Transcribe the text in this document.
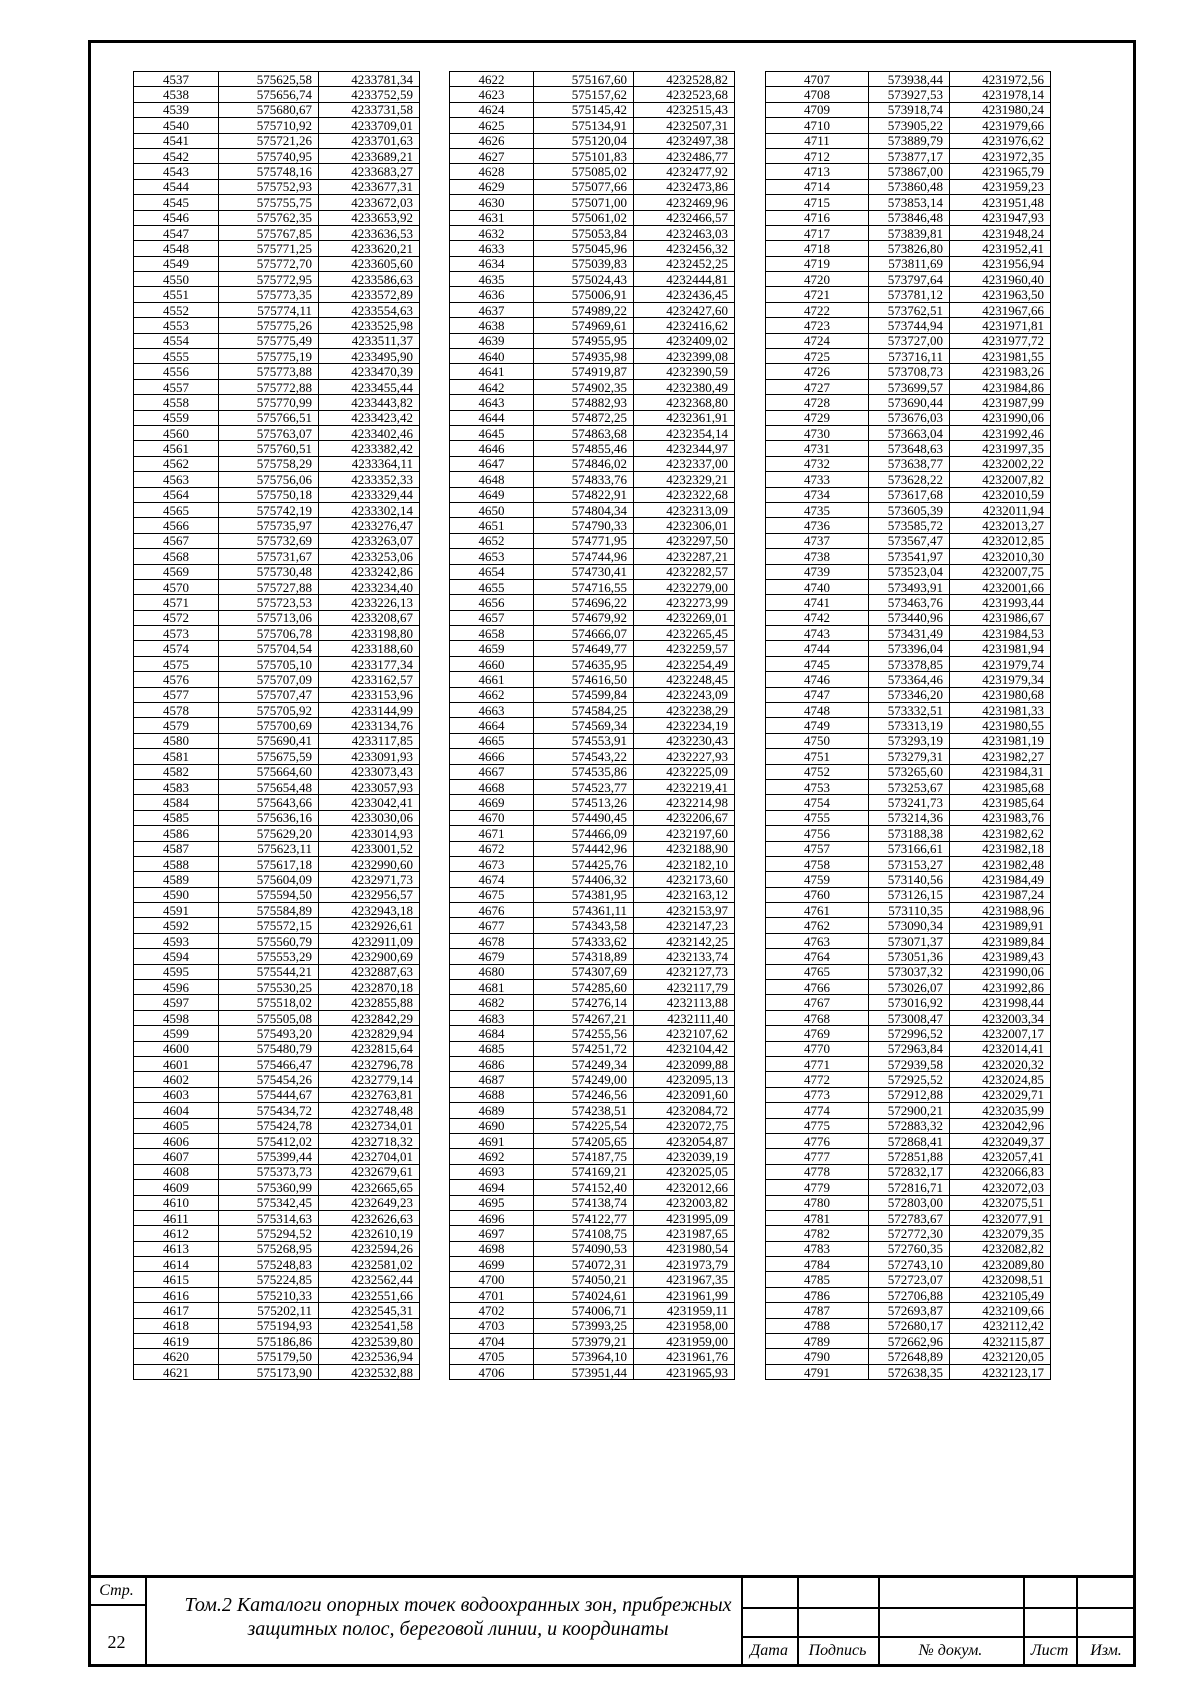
4537	575625,58	4233781,34
4538	575656,74	4233752,59
4539	575680,67	4233731,58
4540	575710,92	4233709,01
4541	575721,26	4233701,63
4542	575740,95	4233689,21
4543	575748,16	4233683,27
4544	575752,93	4233677,31
4545	575755,75	4233672,03
4546	575762,35	4233653,92
4547	575767,85	4233636,53
4548	575771,25	4233620,21
4549	575772,70	4233605,60
4550	575772,95	4233586,63
4551	575773,35	4233572,89
4552	575774,11	4233554,63
4553	575775,26	4233525,98
4554	575775,49	4233511,37
4555	575775,19	4233495,90
4556	575773,88	4233470,39
4557	575772,88	4233455,44
4558	575770,99	4233443,82
4559	575766,51	4233423,42
4560	575763,07	4233402,46
4561	575760,51	4233382,42
4562	575758,29	4233364,11
4563	575756,06	4233352,33
4564	575750,18	4233329,44
4565	575742,19	4233302,14
4566	575735,97	4233276,47
4567	575732,69	4233263,07
4568	575731,67	4233253,06
4569	575730,48	4233242,86
4570	575727,88	4233234,40
4571	575723,53	4233226,13
4572	575713,06	4233208,67
4573	575706,78	4233198,80
4574	575704,54	4233188,60
4575	575705,10	4233177,34
4576	575707,09	4233162,57
4577	575707,47	4233153,96
4578	575705,92	4233144,99
4579	575700,69	4233134,76
4580	575690,41	4233117,85
4581	575675,59	4233091,93
4582	575664,60	4233073,43
4583	575654,48	4233057,93
4584	575643,66	4233042,41
4585	575636,16	4233030,06
4586	575629,20	4233014,93
4587	575623,11	4233001,52
4588	575617,18	4232990,60
4589	575604,09	4232971,73
4590	575594,50	4232956,57
4591	575584,89	4232943,18
4592	575572,15	4232926,61
4593	575560,79	4232911,09
4594	575553,29	4232900,69
4595	575544,21	4232887,63
4596	575530,25	4232870,18
4597	575518,02	4232855,88
4598	575505,08	4232842,29
4599	575493,20	4232829,94
4600	575480,79	4232815,64
4601	575466,47	4232796,78
4602	575454,26	4232779,14
4603	575444,67	4232763,81
4604	575434,72	4232748,48
4605	575424,78	4232734,01
4606	575412,02	4232718,32
4607	575399,44	4232704,01
4608	575373,73	4232679,61
4609	575360,99	4232665,65
4610	575342,45	4232649,23
4611	575314,63	4232626,63
4612	575294,52	4232610,19
4613	575268,95	4232594,26
4614	575248,83	4232581,02
4615	575224,85	4232562,44
4616	575210,33	4232551,66
4617	575202,11	4232545,31
4618	575194,93	4232541,58
4619	575186,86	4232539,80
4620	575179,50	4232536,94
4621	575173,90	4232532,88
4622	575167,60	4232528,82
4623	575157,62	4232523,68
4624	575145,42	4232515,43
4625	575134,91	4232507,31
4626	575120,04	4232497,38
4627	575101,83	4232486,77
4628	575085,02	4232477,92
4629	575077,66	4232473,86
4630	575071,00	4232469,96
4631	575061,02	4232466,57
4632	575053,84	4232463,03
4633	575045,96	4232456,32
4634	575039,83	4232452,25
4635	575024,43	4232444,81
4636	575006,91	4232436,45
4637	574989,22	4232427,60
4638	574969,61	4232416,62
4639	574955,95	4232409,02
4640	574935,98	4232399,08
4641	574919,87	4232390,59
4642	574902,35	4232380,49
4643	574882,93	4232368,80
4644	574872,25	4232361,91
4645	574863,68	4232354,14
4646	574855,46	4232344,97
4647	574846,02	4232337,00
4648	574833,76	4232329,21
4649	574822,91	4232322,68
4650	574804,34	4232313,09
4651	574790,33	4232306,01
4652	574771,95	4232297,50
4653	574744,96	4232287,21
4654	574730,41	4232282,57
4655	574716,55	4232279,00
4656	574696,22	4232273,99
4657	574679,92	4232269,01
4658	574666,07	4232265,45
4659	574649,77	4232259,57
4660	574635,95	4232254,49
4661	574616,50	4232248,45
4662	574599,84	4232243,09
4663	574584,25	4232238,29
4664	574569,34	4232234,19
4665	574553,91	4232230,43
4666	574543,22	4232227,93
4667	574535,86	4232225,09
4668	574523,77	4232219,41
4669	574513,26	4232214,98
4670	574490,45	4232206,67
4671	574466,09	4232197,60
4672	574442,96	4232188,90
4673	574425,76	4232182,10
4674	574406,32	4232173,60
4675	574381,95	4232163,12
4676	574361,11	4232153,97
4677	574343,58	4232147,23
4678	574333,62	4232142,25
4679	574318,89	4232133,74
4680	574307,69	4232127,73
4681	574285,60	4232117,79
4682	574276,14	4232113,88
4683	574267,21	4232111,40
4684	574255,56	4232107,62
4685	574251,72	4232104,42
4686	574249,34	4232099,88
4687	574249,00	4232095,13
4688	574246,56	4232091,60
4689	574238,51	4232084,72
4690	574225,54	4232072,75
4691	574205,65	4232054,87
4692	574187,75	4232039,19
4693	574169,21	4232025,05
4694	574152,40	4232012,66
4695	574138,74	4232003,82
4696	574122,77	4231995,09
4697	574108,75	4231987,65
4698	574090,53	4231980,54
4699	574072,31	4231973,79
4700	574050,21	4231967,35
4701	574024,61	4231961,99
4702	574006,71	4231959,11
4703	573993,25	4231958,00
4704	573979,21	4231959,00
4705	573964,10	4231961,76
4706	573951,44	4231965,93
4707	573938,44	4231972,56
4708	573927,53	4231978,14
4709	573918,74	4231980,24
4710	573905,22	4231979,66
4711	573889,79	4231976,62
4712	573877,17	4231972,35
4713	573867,00	4231965,79
4714	573860,48	4231959,23
4715	573853,14	4231951,48
4716	573846,48	4231947,93
4717	573839,81	4231948,24
4718	573826,80	4231952,41
4719	573811,69	4231956,94
4720	573797,64	4231960,40
4721	573781,12	4231963,50
4722	573762,51	4231967,66
4723	573744,94	4231971,81
4724	573727,00	4231977,72
4725	573716,11	4231981,55
4726	573708,73	4231983,26
4727	573699,57	4231984,86
4728	573690,44	4231987,99
4729	573676,03	4231990,06
4730	573663,04	4231992,46
4731	573648,63	4231997,35
4732	573638,77	4232002,22
4733	573628,22	4232007,82
4734	573617,68	4232010,59
4735	573605,39	4232011,94
4736	573585,72	4232013,27
4737	573567,47	4232012,85
4738	573541,97	4232010,30
4739	573523,04	4232007,75
4740	573493,91	4232001,66
4741	573463,76	4231993,44
4742	573440,96	4231986,67
4743	573431,49	4231984,53
4744	573396,04	4231981,94
4745	573378,85	4231979,74
4746	573364,46	4231979,34
4747	573346,20	4231980,68
4748	573332,51	4231981,33
4749	573313,19	4231980,55
4750	573293,19	4231981,19
4751	573279,31	4231982,27
4752	573265,60	4231984,31
4753	573253,67	4231985,68
4754	573241,73	4231985,64
4755	573214,36	4231983,76
4756	573188,38	4231982,62
4757	573166,61	4231982,18
4758	573153,27	4231982,48
4759	573140,56	4231984,49
4760	573126,15	4231987,24
4761	573110,35	4231988,96
4762	573090,34	4231989,91
4763	573071,37	4231989,84
4764	573051,36	4231989,43
4765	573037,32	4231990,06
4766	573026,07	4231992,86
4767	573016,92	4231998,44
4768	573008,47	4232003,34
4769	572996,52	4232007,17
4770	572963,84	4232014,41
4771	572939,58	4232020,32
4772	572925,52	4232024,85
4773	572912,88	4232029,71
4774	572900,21	4232035,99
4775	572883,32	4232042,96
4776	572868,41	4232049,37
4777	572851,88	4232057,41
4778	572832,17	4232066,83
4779	572816,71	4232072,03
4780	572803,00	4232075,51
4781	572783,67	4232077,91
4782	572772,30	4232079,35
4783	572760,35	4232082,82
4784	572743,10	4232089,80
4785	572723,07	4232098,51
4786	572706,88	4232105,49
4787	572693,87	4232109,66
4788	572680,17	4232112,42
4789	572662,96	4232115,87
4790	572648,89	4232120,05
4791	572638,35	4232123,17
Стр.
22
Том.2 Каталоги опорных точек водоохранных зон, прибрежных защитных полос, береговой линии, и координаты
Дата	Подпись	№ докум.	Лист	Изм.
